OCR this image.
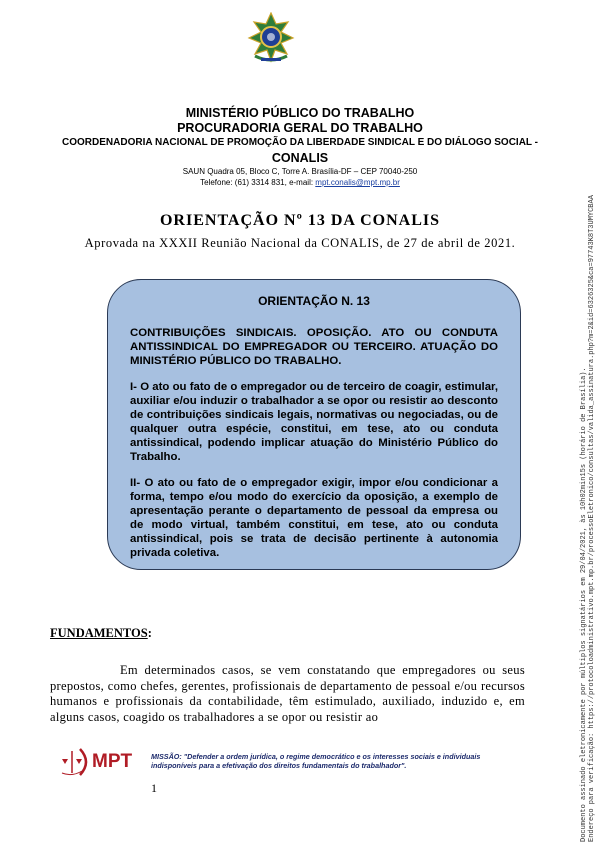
MINISTÉRIO PÚBLICO DO TRABALHO
PROCURADORIA GERAL DO TRABALHO
COORDENADORIA NACIONAL DE PROMOÇÃO DA LIBERDADE SINDICAL E DO DIÁLOGO SOCIAL -
CONALIS
SAUN Quadra 05, Bloco C, Torre A. Brasília-DF – CEP 70040-250
Telefone: (61) 3314 831, e-mail: mpt.conalis@mpt.mp.br
ORIENTAÇÃO Nº 13 DA CONALIS
Aprovada na XXXII Reunião Nacional da CONALIS, de 27 de abril de 2021.
ORIENTAÇÃO N. 13

CONTRIBUIÇÕES SINDICAIS. OPOSIÇÃO. ATO OU CONDUTA ANTISSINDICAL DO EMPREGADOR OU TERCEIRO. ATUAÇÃO DO MINISTÉRIO PÚBLICO DO TRABALHO.

I- O ato ou fato de o empregador ou de terceiro de coagir, estimular, auxiliar e/ou induzir o trabalhador a se opor ou resistir ao desconto de contribuições sindicais legais, normativas ou negociadas, ou de qualquer outra espécie, constitui, em tese, ato ou conduta antissindical, podendo implicar atuação do Ministério Público do Trabalho.

II- O ato ou fato de o empregador exigir, impor e/ou condicionar a forma, tempo e/ou modo do exercício da oposição, a exemplo de apresentação perante o departamento de pessoal da empresa ou de modo virtual, também constitui, em tese, ato ou conduta antissindical, pois se trata de decisão pertinente à autonomia privada coletiva.

FUNDAMENTOS:
Em determinados casos, se vem constatando que empregadores ou seus prepostos, como chefes, gerentes, profissionais de departamento de pessoal e/ou recursos humanos e profissionais da contabilidade, têm estimulado, auxiliado, induzido e, em alguns casos, coagido os trabalhadores a se opor ou resistir ao
MPT	MISSÃO: "Defender a ordem jurídica, o regime democrático e os interesses sociais e individuais indisponíveis para a efetivação dos direitos fundamentais do trabalhador".
1	Documento assinado eletronicamente por múltiplos signatários em 29/04/2021, às 10h02min15s (horário de Brasília). Endereço para verificação: https://protocoloadministrativo.mpt.mp.br/processoEletronico/consultas/valida_assinatura.php?m=2&id=6326325&ca=97743K8T3UMYCBAA
